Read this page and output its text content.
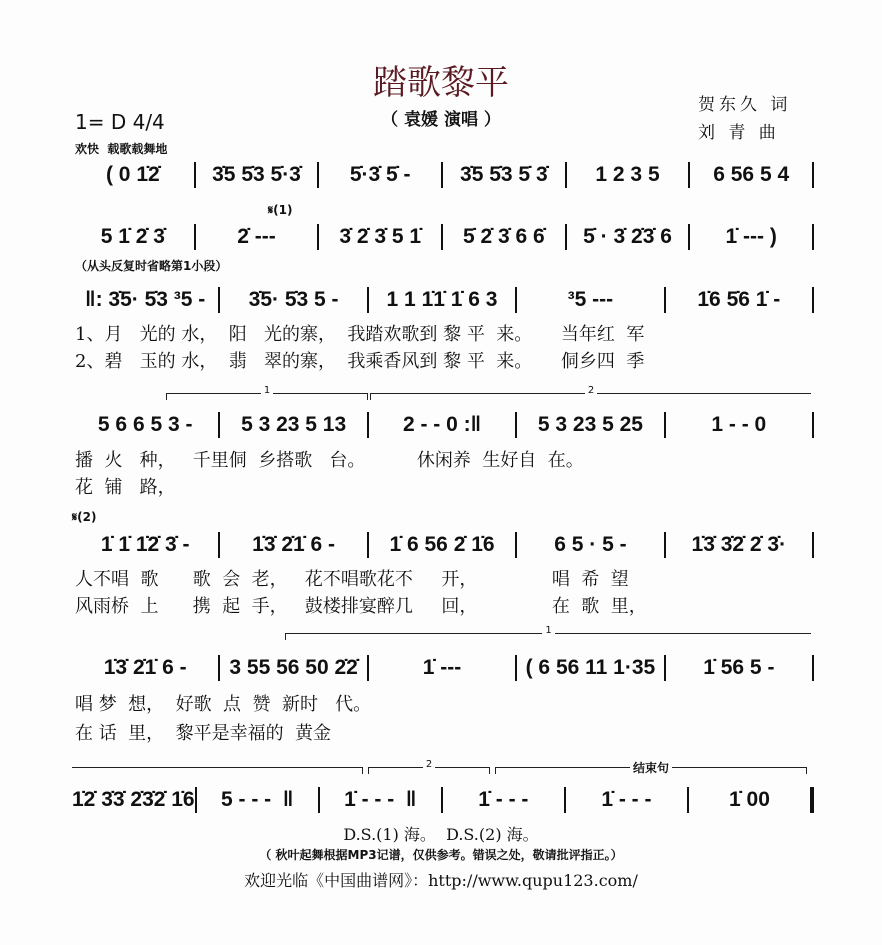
踏歌黎平
（ 袁媛 演唱 ）
贺东久 词
刘 青 曲
1= D 4/4
欢快  载歌载舞地
( 0 1̇2̇	3̇5 5̇3 5̇·3̇	5̇·3̇ 5̇ -	3̇5 5̇3 5̇ 3̇	1 2 3 5	6 56 5 4
𝄋(1)
5 1̇ 2̇ 3̇	2̇ ---	3̇ 2̇ 3̇ 5 1̇	5̇ 2̇ 3̇ 6 6̇	5̇ · 3̇ 2̇3̇ 6	1̇ --- )
（从头反复时省略第1小段）
‖: 3̇5· 5̇3 ³5 -	3̇5· 5̇3 5 -	1 1 1̇1̇ 1̇ 6 3	³5 ---	1̇6 5̇6 1̇ -
1、月   光的 水，  阳   光的寨，  我踏欢歌到 黎 平  来。     当年红  军
2、碧   玉的 水，  翡   翠的寨，  我乘香风到 黎 平  来。     侗乡四  季
1	2
5 6 6 5 3 -	5 3 23 5 13	2 - - 0 :‖	5 3 23 5 25	1 - - 0
播  火   种，   千里侗  乡搭歌   台。         休闲养  生好自  在。
花  铺   路，
𝄋(2)
1̇ 1̇ 1̇2̇ 3̇ -	1̇3̇ 2̇1̇ 6 -	1̇ 6 56 2̇ 1̇6	6 5 · 5 -	1̇3̇ 3̇2̇ 2̇ 3̇·
人不唱  歌      歌  会  老，   花不唱歌花不     开，             唱  希  望
风雨桥  上      携  起  手，   鼓楼排宴醉几     回，             在  歌  里，
1
1̇3̇ 2̇1̇ 6 -	3 55 56 50 2̇2̇	1̇ ---	( 6 56 11 1·35	1̇ 56 5 -
唱 梦  想，  好歌  点  赞  新时   代。
在 话  里，  黎平是幸福的  黄金
2	结束句
1̇2̇ 3̇3̇ 2̇3̇2̇ 1̇6	5 - - -  ‖	1̇ - - -  ‖	1̇ - - -	1̇ - - -	1̇ 00
D.S.(1) 海。  D.S.(2) 海。
（ 秋叶起舞根据MP3记谱，仅供参考。错误之处，敬请批评指正。）
欢迎光临《中国曲谱网》：http://www.qupu123.com/
